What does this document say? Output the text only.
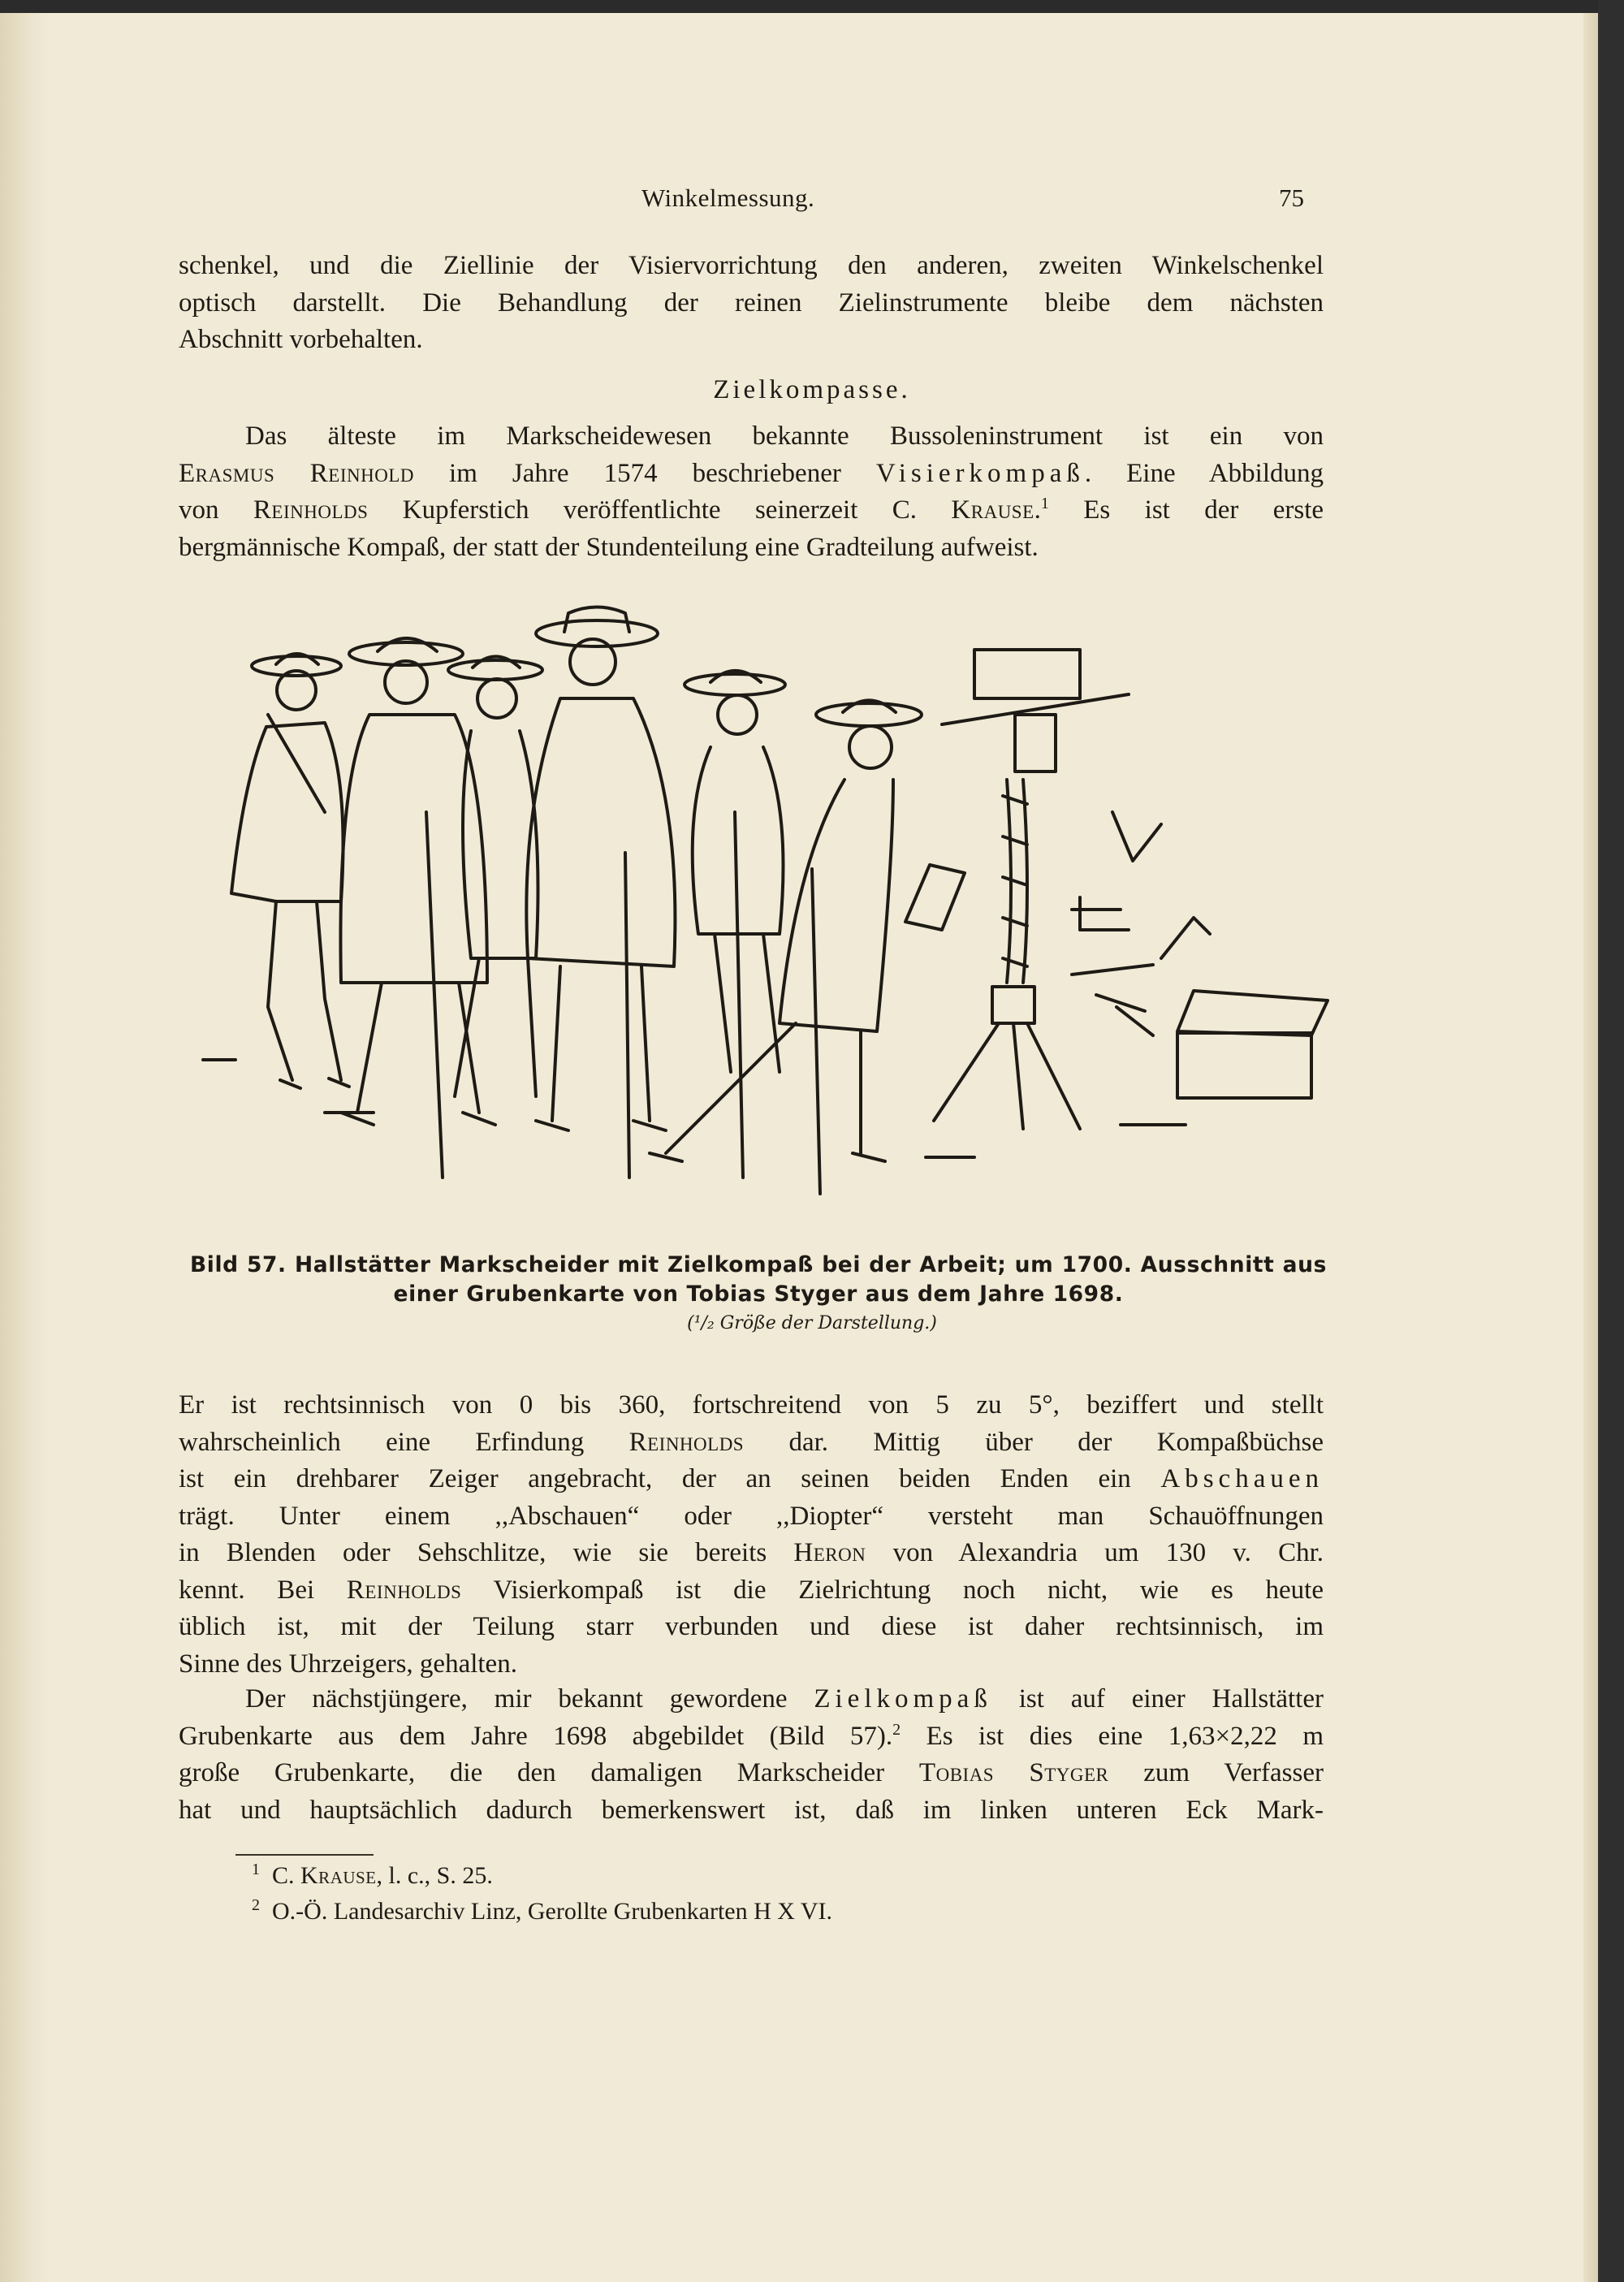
Winkelmessung.	75

schenkel, und die Ziellinie der Visiervorrichtung den anderen, zweiten Winkelschenkel

optisch darstellt. Die Behandlung der reinen Zielinstrumente bleibe dem nächsten

Abschnitt vorbehalten.

Zielkompasse.

Das älteste im Markscheidewesen bekannte Bussoleninstrument ist ein von

Erasmus Reinhold im Jahre 1574 beschriebener Visierkompaß. Eine Abbildung

von Reinholds Kupferstich veröffentlichte seinerzeit C. Krause.$^1$ Es ist der erste

bergmännische Kompaß, der statt der Stundenteilung eine Gradteilung aufweist.

Bild 57. Hallstätter Markscheider mit Zielkompaß bei der Arbeit; um 1700. Ausschnitt aus
einer Grubenkarte von Tobias Styger aus dem Jahre 1698.
(¹/₂ Größe der Darstellung.)

Er ist rechtsinnisch von 0 bis 360, fortschreitend von 5 zu 5°, beziffert und stellt

wahrscheinlich eine Erfindung Reinholds dar. Mittig über der Kompaßbüchse

ist ein drehbarer Zeiger angebracht, der an seinen beiden Enden ein Abschauen

trägt. Unter einem ,,Abschauen“ oder ,,Diopter“ versteht man Schauöffnungen

in Blenden oder Sehschlitze, wie sie bereits Heron von Alexandria um 130 v. Chr.

kennt. Bei Reinholds Visierkompaß ist die Zielrichtung noch nicht, wie es heute

üblich ist, mit der Teilung starr verbunden und diese ist daher rechtsinnisch, im

Sinne des Uhrzeigers, gehalten.

Der nächstjüngere, mir bekannt gewordene Zielkompaß ist auf einer Hallstätter

Grubenkarte aus dem Jahre 1698 abgebildet (Bild 57).$^2$ Es ist dies eine 1,63×2,22 m

große Grubenkarte, die den damaligen Markscheider Tobias Styger zum Verfasser

hat und hauptsächlich dadurch bemerkenswert ist, daß im linken unteren Eck Mark-

$^1$ C. Krause, l. c., S. 25.
$^2$ O.-Ö. Landesarchiv Linz, Gerollte Grubenkarten H X VI.
